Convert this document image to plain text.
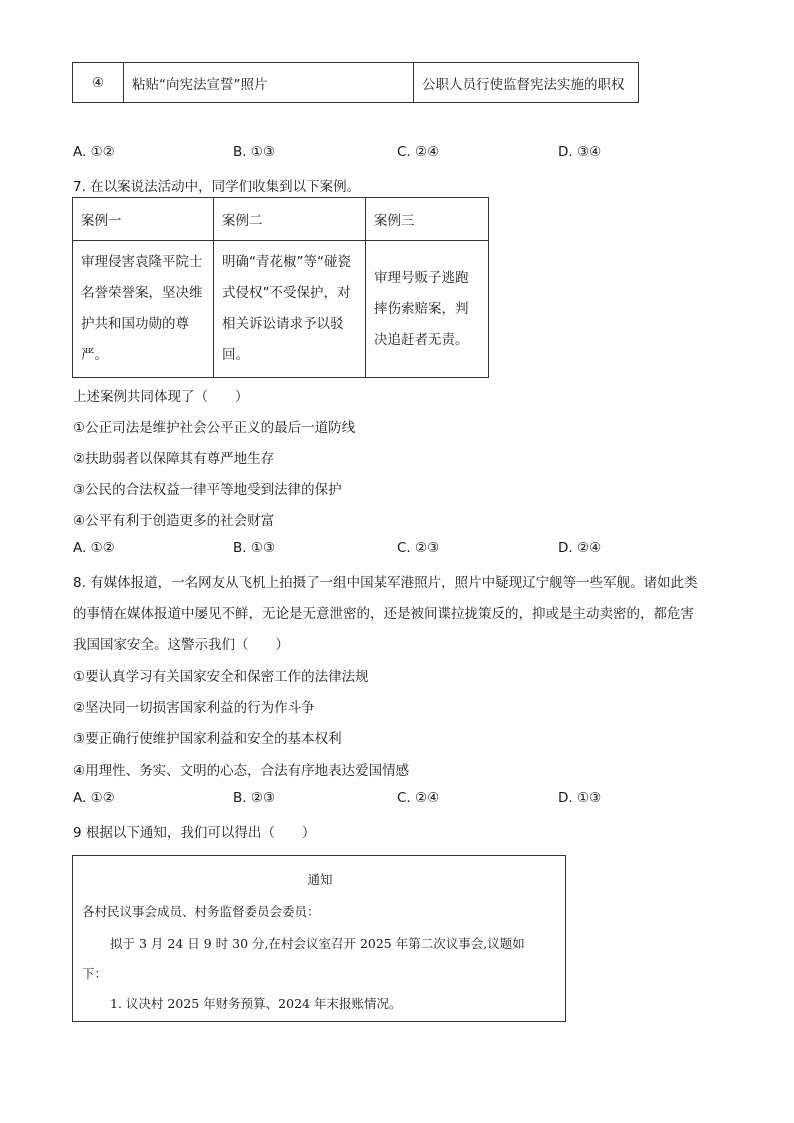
④	粘贴“向宪法宣誓”照片	公职人员行使监督宪法实施的职权
A. ①②	B. ①③	C. ②④	D. ③④
7. 在以案说法活动中，同学们收集到以下案例。
案例一	案例二	案例三
审理侵害袁隆平院士名誉荣誉案，坚决维护共和国功勋的尊严。	明确“青花椒”等“碰瓷式侵权”不受保护，对相关诉讼请求予以驳回。	审理号贩子逃跑摔伤索赔案，判决追赶者无责。
上述案例共同体现了（　　）
①公正司法是维护社会公平正义的最后一道防线
②扶助弱者以保障其有尊严地生存
③公民的合法权益一律平等地受到法律的保护
④公平有利于创造更多的社会财富
A. ①②	B. ①③	C. ②③	D. ②④
8. 有媒体报道，一名网友从飞机上拍摄了一组中国某军港照片，照片中疑现辽宁舰等一些军舰。诸如此类
的事情在媒体报道中屡见不鲜，无论是无意泄密的，还是被间谍拉拢策反的，抑或是主动卖密的，都危害
我国国家安全。这警示我们（　　）
①要认真学习有关国家安全和保密工作的法律法规
②坚决同一切损害国家利益的行为作斗争
③要正确行使维护国家利益和安全的基本权利
④用理性、务实、文明的心态，合法有序地表达爱国情感
A. ①②	B. ②③	C. ②④	D. ①③
9 根据以下通知，我们可以得出（　　）
通知
各村民议事会成员、村务监督委员会委员：
拟于 3 月 24 日 9 时 30 分,在村会议室召开 2025 年第二次议事会,议题如
下：
1. 议决村 2025 年财务预算、2024 年末报账情况。
